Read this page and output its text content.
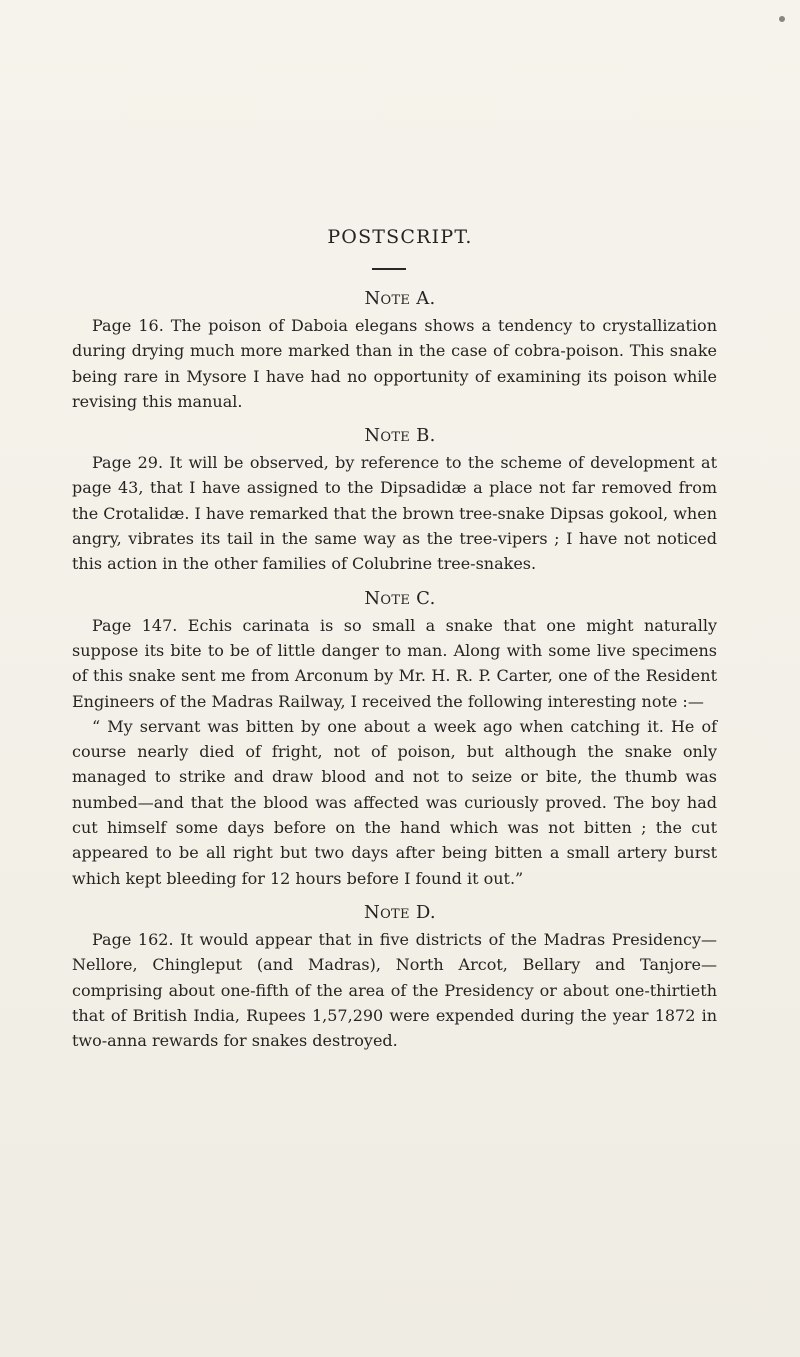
POSTSCRIPT.
Note A.

Page 16. The poison of Daboia elegans shows a tendency to crystallization during drying much more marked than in the case of cobra-poison. This snake being rare in Mysore I have had no opportunity of examining its poison while revising this manual.

Note B.

Page 29. It will be observed, by reference to the scheme of development at page 43, that I have assigned to the Dipsadidæ a place not far removed from the Crotalidæ. I have remarked that the brown tree-snake Dipsas gokool, when angry, vibrates its tail in the same way as the tree-vipers ; I have not noticed this action in the other families of Colubrine tree-snakes.

Note C.

Page 147. Echis carinata is so small a snake that one might naturally suppose its bite to be of little danger to man. Along with some live specimens of this snake sent me from Arconum by Mr. H. R. P. Carter, one of the Resident Engineers of the Madras Railway, I received the following interesting note :—

“ My servant was bitten by one about a week ago when catching it. He of course nearly died of fright, not of poison, but although the snake only managed to strike and draw blood and not to seize or bite, the thumb was numbed—and that the blood was affected was curiously proved. The boy had cut himself some days before on the hand which was not bitten ; the cut appeared to be all right but two days after being bitten a small artery burst which kept bleeding for 12 hours before I found it out.”

Note D.

Page 162. It would appear that in five districts of the Madras Presidency—Nellore, Chingleput (and Madras), North Arcot, Bellary and Tanjore—comprising about one-fifth of the area of the Presidency or about one-thirtieth that of British India, Rupees 1,57,290 were expended during the year 1872 in two-anna rewards for snakes destroyed.
